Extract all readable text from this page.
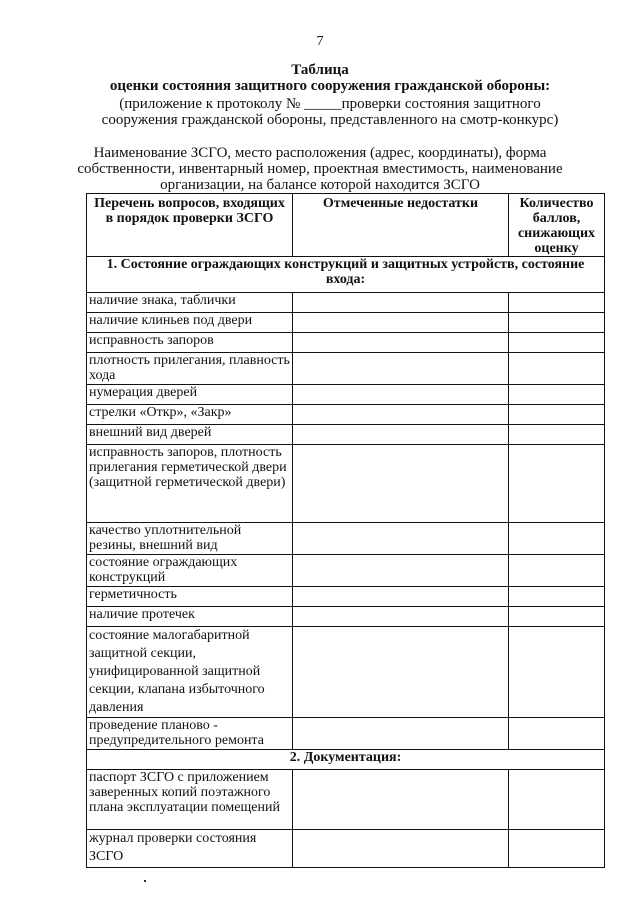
7
Таблица
оценки состояния защитного сооружения гражданской обороны:
(приложение к протоколу № _____проверки состояния защитного
сооружения гражданской обороны, представленного на смотр-конкурс)
Наименование ЗСГО, место расположения (адрес, координаты), форма
собственности, инвентарный номер, проектная вместимость, наименование
организации, на балансе которой находится ЗСГО
Перечень вопросов, входящих в порядок проверки ЗСГО	Отмеченные недостатки	Количество баллов, снижающих оценку
1. Состояние ограждающих конструкций и защитных устройств, состояние входа:		
наличие знака, таблички		
наличие клиньев под двери		
исправность запоров		
плотность прилегания, плавность хода		
нумерация дверей		
стрелки «Откр», «Закр»		
внешний вид дверей		
исправность запоров, плотность прилегания герметической двери (защитной герметической двери)		
качество уплотнительной резины, внешний вид		
состояние ограждающих конструкций		
герметичность		
наличие протечек		
состояние малогабаритной защитной секции, унифицированной защитной секции, клапана избыточного давления		
проведение планово - предупредительного ремонта		
2. Документация:		
паспорт ЗСГО с приложением заверенных копий поэтажного плана эксплуатации помещений		
журнал проверки состояния ЗСГО		
